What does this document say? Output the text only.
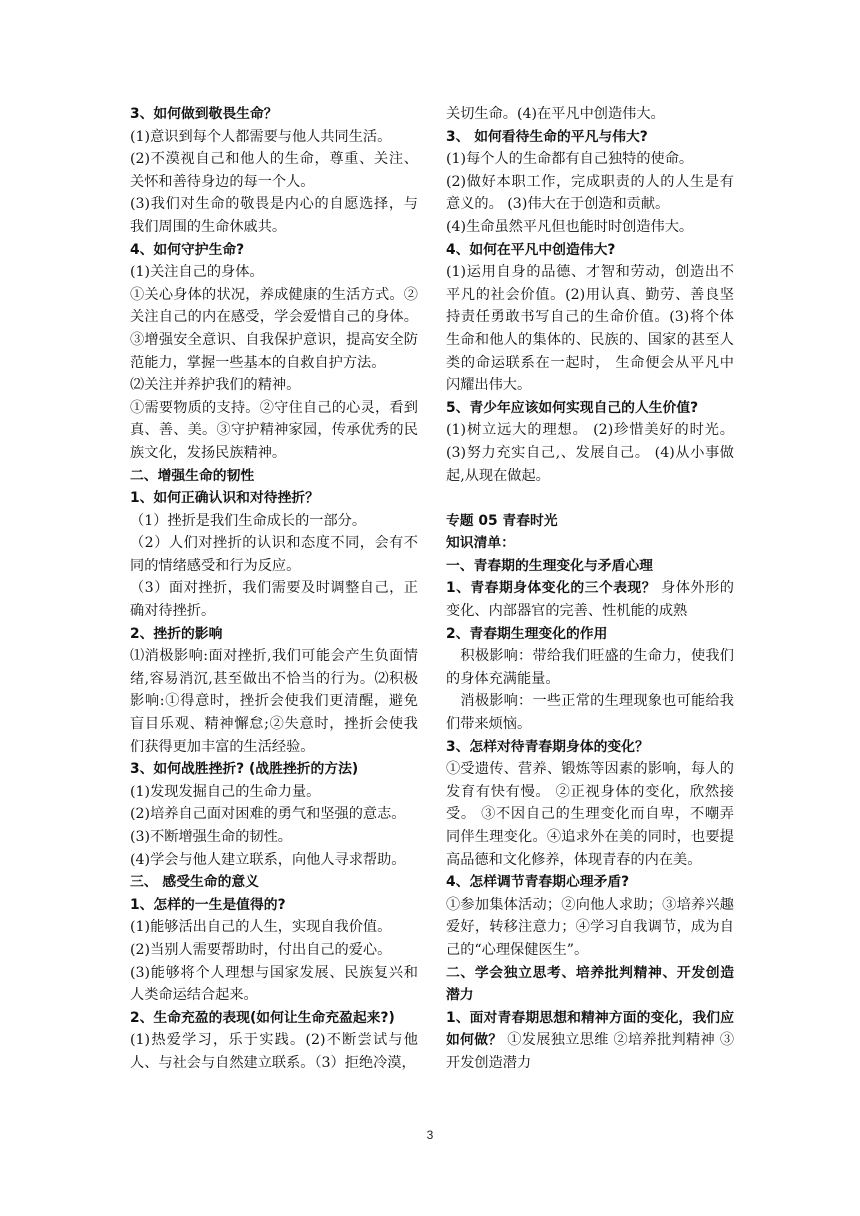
3、如何做到敬畏生命？

(1)意识到每个人都需要与他人共同生活。

(2)不漠视自己和他人的生命，尊重、关注、关怀和善待身边的每一个人。

(3)我们对生命的敬畏是内心的自愿选择，与我们周围的生命休戚共。

4、如何守护生命?

(1)关注自己的身体。

①关心身体的状况，养成健康的生活方式。②关注自己的内在感受，学会爱惜自己的身体。③增强安全意识、自我保护意识，提高安全防范能力，掌握一些基本的自救自护方法。

⑵关注并养护我们的精神。

①需要物质的支持。②守住自己的心灵，看到真、善、美。③守护精神家园，传承优秀的民族文化，发扬民族精神。

二、增强生命的韧性

1、如何正确认识和对待挫折？

（1）挫折是我们生命成长的一部分。

（2）人们对挫折的认识和态度不同，会有不同的情绪感受和行为反应。

（3）面对挫折，我们需要及时调整自己，正确对待挫折。

2、挫折的影响

⑴消极影响:面对挫折,我们可能会产生负面情绪,容易消沉,甚至做出不恰当的行为。⑵积极影响:①得意时，挫折会使我们更清醒，避免盲目乐观、精神懈怠;②失意时，挫折会使我们获得更加丰富的生活经验。

3、如何战胜挫折? (战胜挫折的方法)

(1)发现发掘自己的生命力量。

(2)培养自己面对困难的勇气和坚强的意志。

(3)不断增强生命的韧性。

(4)学会与他人建立联系，向他人寻求帮助。

三、 感受生命的意义

1、怎样的一生是值得的?

(1)能够活出自己的人生，实现自我价值。

(2)当别人需要帮助时，付出自己的爱心。

(3)能够将个人理想与国家发展、民族复兴和人类命运结合起来。

2、生命充盈的表现(如何让生命充盈起来?)

(1)热爱学习，乐于实践。(2)不断尝试与他人、与社会与自然建立联系。（3）拒绝冷漠，

关切生命。(4)在平凡中创造伟大。

3、 如何看待生命的平凡与伟大?

(1)每个人的生命都有自己独特的使命。

(2)做好本职工作，完成职责的人的人生是有意义的。 (3)伟大在于创造和贡献。

(4)生命虽然平凡但也能时时创造伟大。

4、如何在平凡中创造伟大?

(1)运用自身的品德、才智和劳动，创造出不平凡的社会价值。(2)用认真、勤劳、善良坚持责任勇敢书写自己的生命价值。(3)将个体生命和他人的集体的、民族的、国家的甚至人类的命运联系在一起时， 生命便会从平凡中闪耀出伟大。

5、青少年应该如何实现自己的人生价值?

(1)树立远大的理想。 (2)珍惜美好的时光。(3)努力充实自己,、发展自己。 (4)从小事做起,从现在做起。

专题 05 青春时光

知识清单：

一、青春期的生理变化与矛盾心理

1、青春期身体变化的三个表现？ 身体外形的变化、内部器官的完善、性机能的成熟

2、青春期生理变化的作用

　积极影响：带给我们旺盛的生命力，使我们的身体充满能量。

　消极影响：一些正常的生理现象也可能给我们带来烦恼。

3、怎样对待青春期身体的变化？

①受遗传、营养、锻炼等因素的影响，每人的发育有快有慢。 ②正视身体的变化，欣然接受。 ③不因自己的生理变化而自卑，不嘲弄同伴生理变化。④追求外在美的同时，也要提高品德和文化修养，体现青春的内在美。

4、怎样调节青春期心理矛盾?

①参加集体活动；②向他人求助；③培养兴趣爱好，转移注意力；④学习自我调节，成为自己的“心理保健医生”。

二、学会独立思考、培养批判精神、开发创造潜力

1、面对青春期思想和精神方面的变化，我们应如何做？ ①发展独立思维 ②培养批判精神 ③开发创造潜力

3
